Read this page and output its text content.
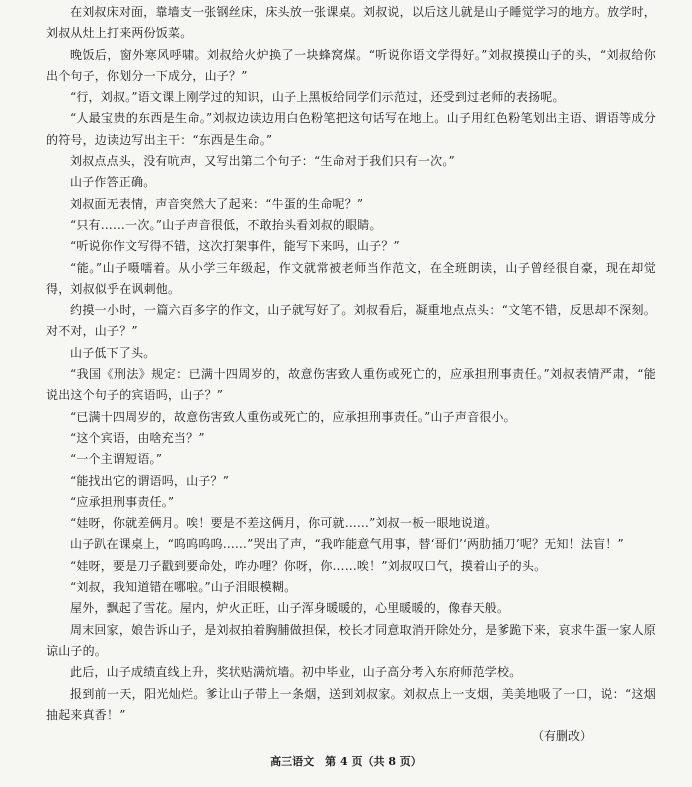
在刘叔床对面，靠墙支一张钢丝床，床头放一张课桌。刘叔说，以后这儿就是山子睡觉学习的地方。放学时，刘叔从灶上打来两份饭菜。

晚饭后，窗外寒风呼啸。刘叔给火炉换了一块蜂窝煤。“听说你语文学得好。”刘叔摸摸山子的头，“刘叔给你出个句子，你划分一下成分，山子？”

“行，刘叔。”语文课上刚学过的知识，山子上黑板给同学们示范过，还受到过老师的表扬呢。

“人最宝贵的东西是生命。”刘叔边读边用白色粉笔把这句话写在地上。山子用红色粉笔划出主语、谓语等成分的符号，边读边写出主干：“东西是生命。”

刘叔点点头，没有吭声，又写出第二个句子：“生命对于我们只有一次。”

山子作答正确。

刘叔面无表情，声音突然大了起来：“牛蛋的生命呢？”

“只有……一次。”山子声音很低，不敢抬头看刘叔的眼睛。

“听说你作文写得不错，这次打架事件，能写下来吗，山子？”

“能。”山子嗫嚅着。从小学三年级起，作文就常被老师当作范文，在全班朗读，山子曾经很自豪，现在却觉得，刘叔似乎在讽刺他。

约摸一小时，一篇六百多字的作文，山子就写好了。刘叔看后，凝重地点点头：“文笔不错，反思却不深刻。对不对，山子？”

山子低下了头。

“我国《刑法》规定：已满十四周岁的，故意伤害致人重伤或死亡的，应承担刑事责任。”刘叔表情严肃，“能说出这个句子的宾语吗，山子？”

“已满十四周岁的，故意伤害致人重伤或死亡的，应承担刑事责任。”山子声音很小。

“这个宾语，由啥充当？”

“一个主谓短语。”

“能找出它的谓语吗，山子？”

“应承担刑事责任。”

“娃呀，你就差俩月。唉！要是不差这俩月，你可就……”刘叔一板一眼地说道。

山子趴在课桌上，“呜呜呜呜……”哭出了声，“我咋能意气用事，替‘哥们’‘两肋插刀’呢？无知！法盲！”

“娃呀，要是刀子戳到要命处，咋办哩？你呀，你……唉！”刘叔叹口气，摸着山子的头。

“刘叔，我知道错在哪啦。”山子泪眼模糊。

屋外，飘起了雪花。屋内，炉火正旺，山子浑身暖暖的，心里暖暖的，像春天般。

周末回家，娘告诉山子，是刘叔拍着胸脯做担保，校长才同意取消开除处分，是爹跪下来，哀求牛蛋一家人原谅山子的。

此后，山子成绩直线上升，奖状贴满炕墙。初中毕业，山子高分考入东府师范学校。

报到前一天，阳光灿烂。爹让山子带上一条烟，送到刘叔家。刘叔点上一支烟，美美地吸了一口，说：“这烟抽起来真香！”

（有删改）

高三语文　第 4 页（共 8 页）
